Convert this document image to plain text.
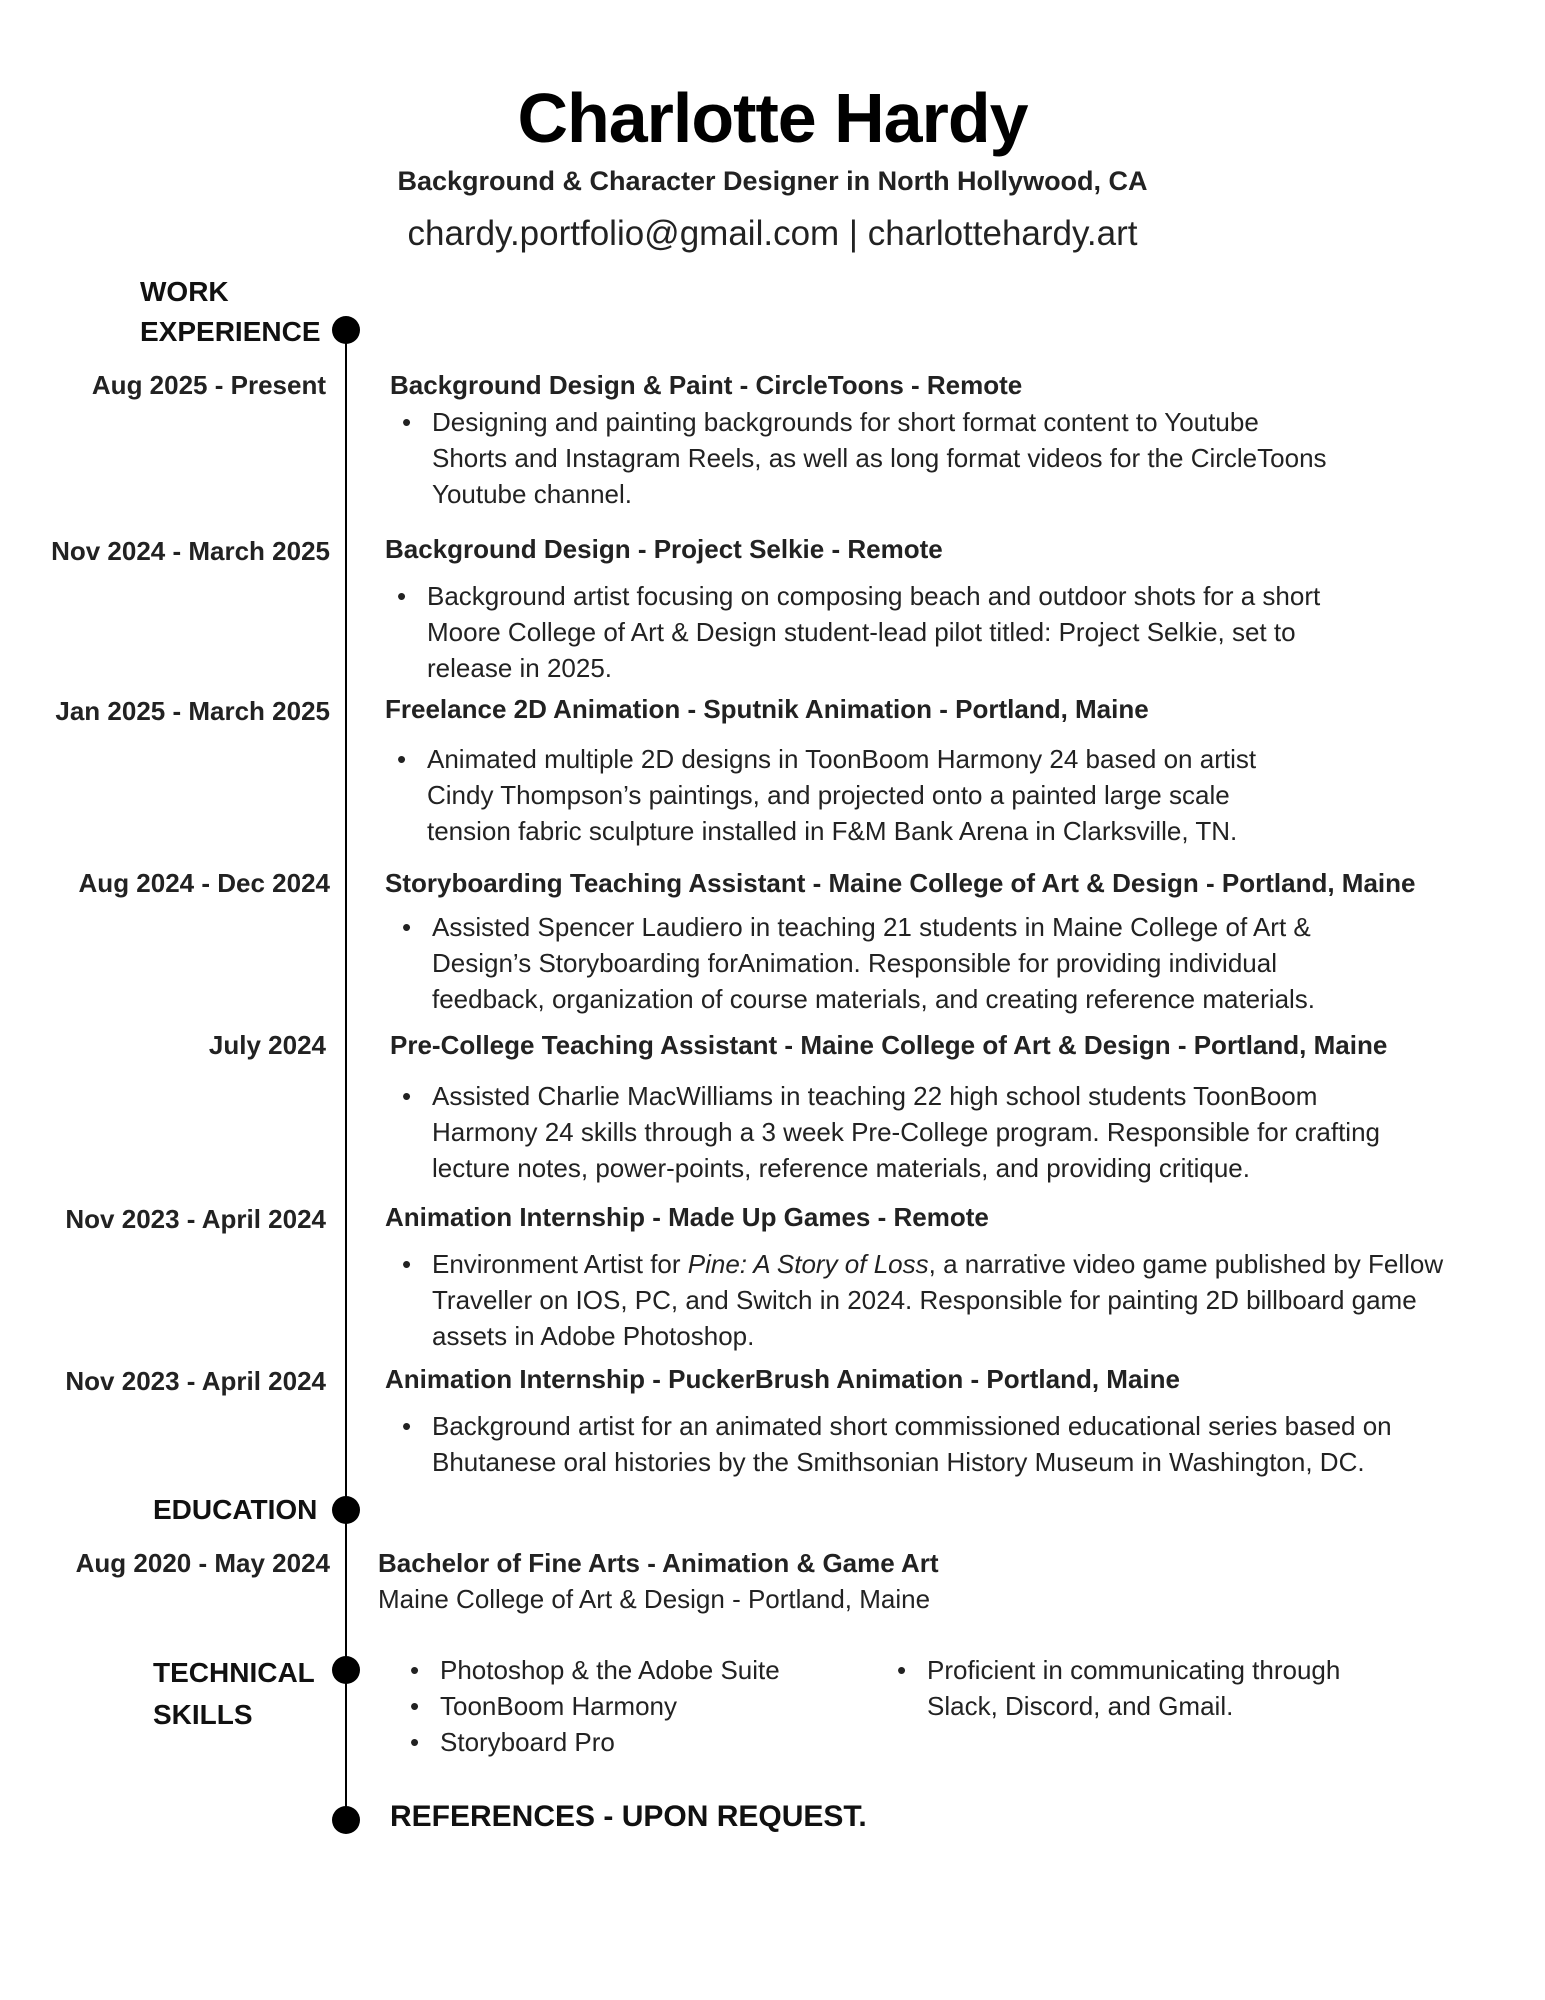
Charlotte Hardy
Background & Character Designer in North Hollywood, CA
chardy.portfolio@gmail.com | charlottehardy.art
WORK
EXPERIENCE
Aug 2025 - Present Background Design & Paint - CircleToons - Remote
• Designing and painting backgrounds for short format content to Youtube Shorts and Instagram Reels, as well as long format videos for the CircleToons Youtube channel.
Nov 2024 - March 2025 Background Design - Project Selkie - Remote
• Background artist focusing on composing beach and outdoor shots for a short Moore College of Art & Design student-lead pilot titled: Project Selkie, set to release in 2025.
Jan 2025 - March 2025 Freelance 2D Animation - Sputnik Animation - Portland, Maine
• Animated multiple 2D designs in ToonBoom Harmony 24 based on artist Cindy Thompson’s paintings, and projected onto a painted large scale tension fabric sculpture installed in F&M Bank Arena in Clarksville, TN.
Aug 2024 - Dec 2024 Storyboarding Teaching Assistant - Maine College of Art & Design - Portland, Maine
• Assisted Spencer Laudiero in teaching 21 students in Maine College of Art & Design’s Storyboarding forAnimation. Responsible for providing individual feedback, organization of course materials, and creating reference materials.
July 2024 Pre-College Teaching Assistant - Maine College of Art & Design - Portland, Maine
• Assisted Charlie MacWilliams in teaching 22 high school students ToonBoom Harmony 24 skills through a 3 week Pre-College program. Responsible for crafting lecture notes, power-points, reference materials, and providing critique.
Nov 2023 - April 2024 Animation Internship - Made Up Games - Remote
• Environment Artist for Pine: A Story of Loss, a narrative video game published by Fellow Traveller on IOS, PC, and Switch in 2024. Responsible for painting 2D billboard game assets in Adobe Photoshop.
Nov 2023 - April 2024 Animation Internship - PuckerBrush Animation - Portland, Maine
• Background artist for an animated short commissioned educational series based on Bhutanese oral histories by the Smithsonian History Museum in Washington, DC.
EDUCATION
Aug 2020 - May 2024 Bachelor of Fine Arts - Animation & Game Art
Maine College of Art & Design - Portland, Maine
TECHNICAL
SKILLS
• Photoshop & the Adobe Suite
• ToonBoom Harmony
• Storyboard Pro
• Proficient in communicating through Slack, Discord, and Gmail.
REFERENCES - UPON REQUEST.
